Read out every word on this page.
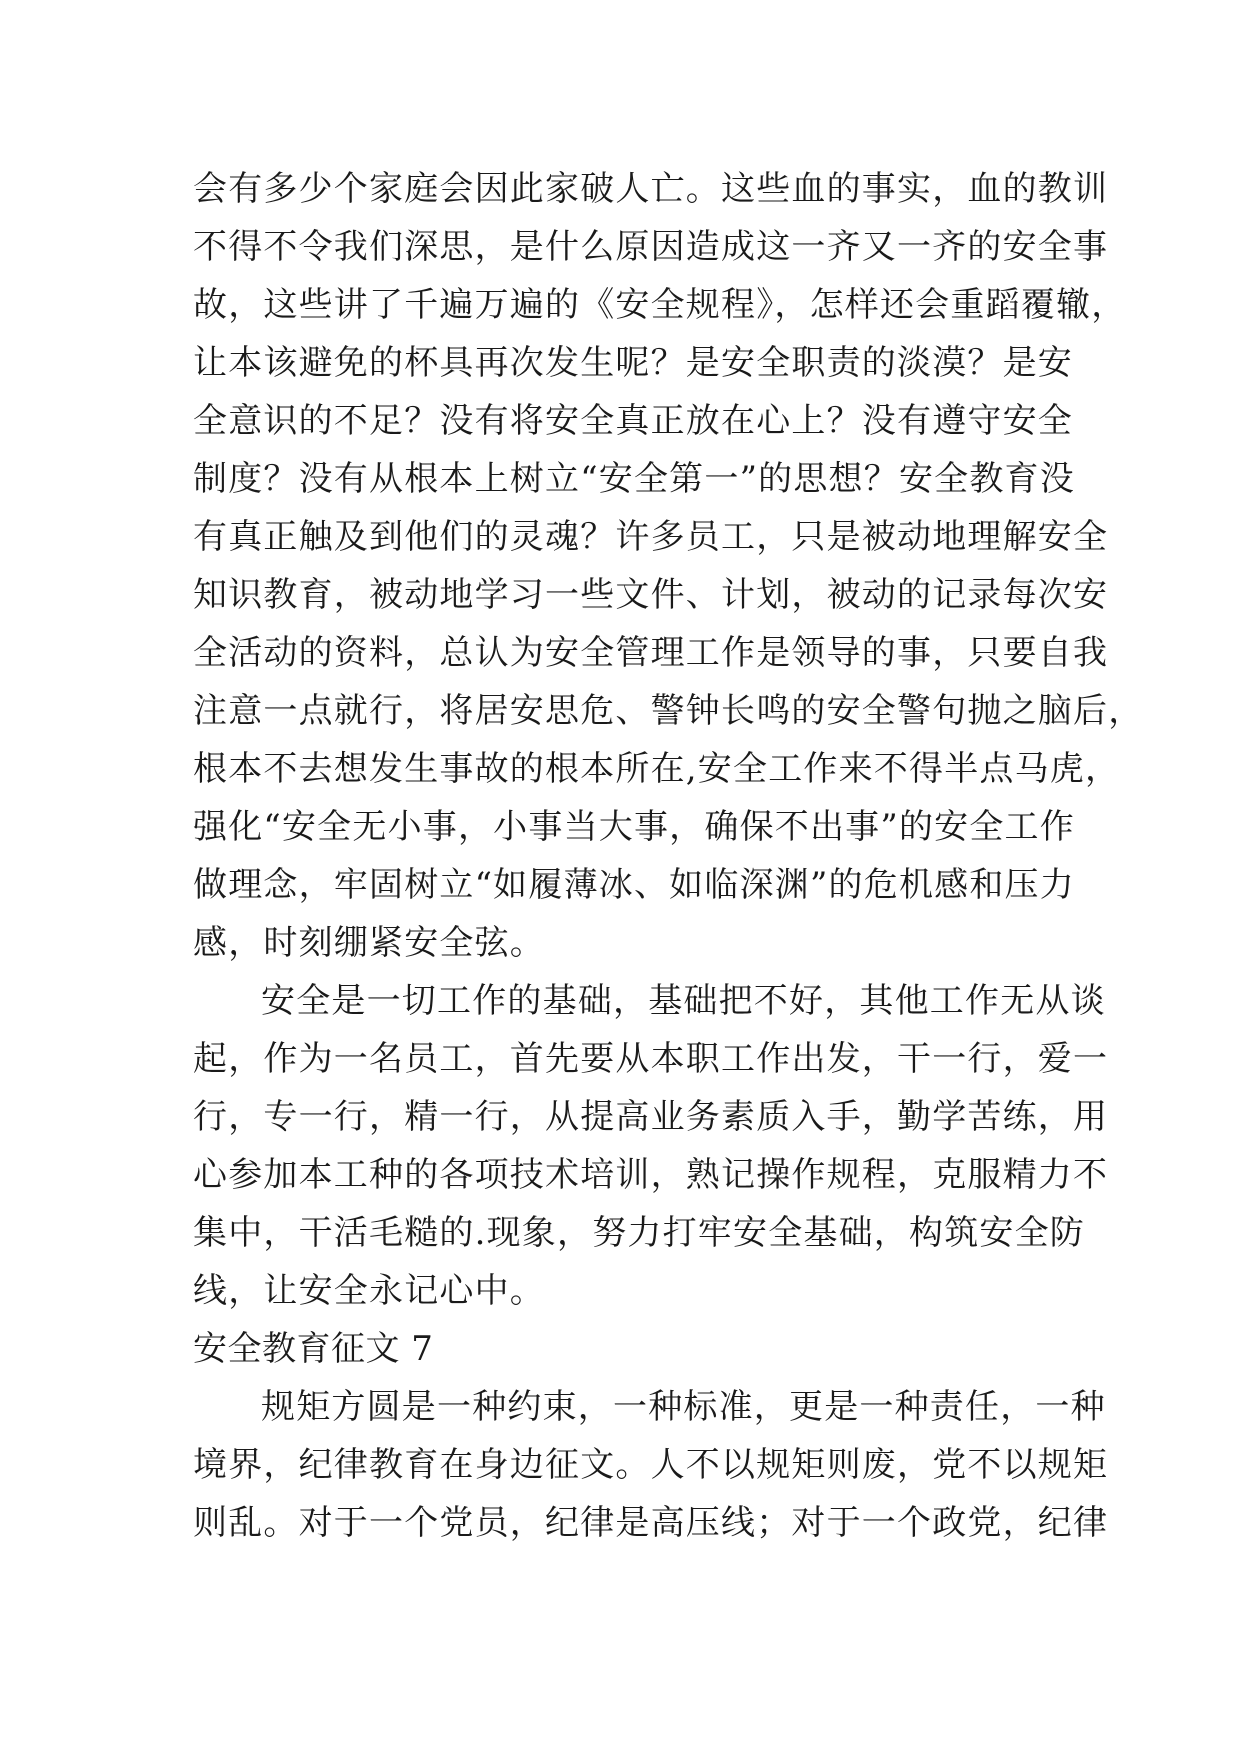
会有多少个家庭会因此家破人亡。这些血的事实，血的教训
不得不令我们深思，是什么原因造成这一齐又一齐的安全事
故，这些讲了千遍万遍的《安全规程》，怎样还会重蹈覆辙，
让本该避免的杯具再次发生呢？是安全职责的淡漠？是安
全意识的不足？没有将安全真正放在心上？没有遵守安全
制度？没有从根本上树立“安全第一”的思想？安全教育没
有真正触及到他们的灵魂？许多员工，只是被动地理解安全
知识教育，被动地学习一些文件、计划，被动的记录每次安
全活动的资料，总认为安全管理工作是领导的事，只要自我
注意一点就行，将居安思危、警钟长鸣的安全警句抛之脑后，
根本不去想发生事故的根本所在,安全工作来不得半点马虎，
强化“安全无小事，小事当大事，确保不出事”的安全工作
做理念，牢固树立“如履薄冰、如临深渊”的危机感和压力
感，时刻绷紧安全弦。
安全是一切工作的基础，基础把不好，其他工作无从谈
起，作为一名员工，首先要从本职工作出发，干一行，爱一
行，专一行，精一行，从提高业务素质入手，勤学苦练，用
心参加本工种的各项技术培训，熟记操作规程，克服精力不
集中，干活毛糙的.现象，努力打牢安全基础，构筑安全防
线，让安全永记心中。
安全教育征文 7
规矩方圆是一种约束，一种标准，更是一种责任，一种
境界，纪律教育在身边征文。人不以规矩则废，党不以规矩
则乱。对于一个党员，纪律是高压线；对于一个政党，纪律
